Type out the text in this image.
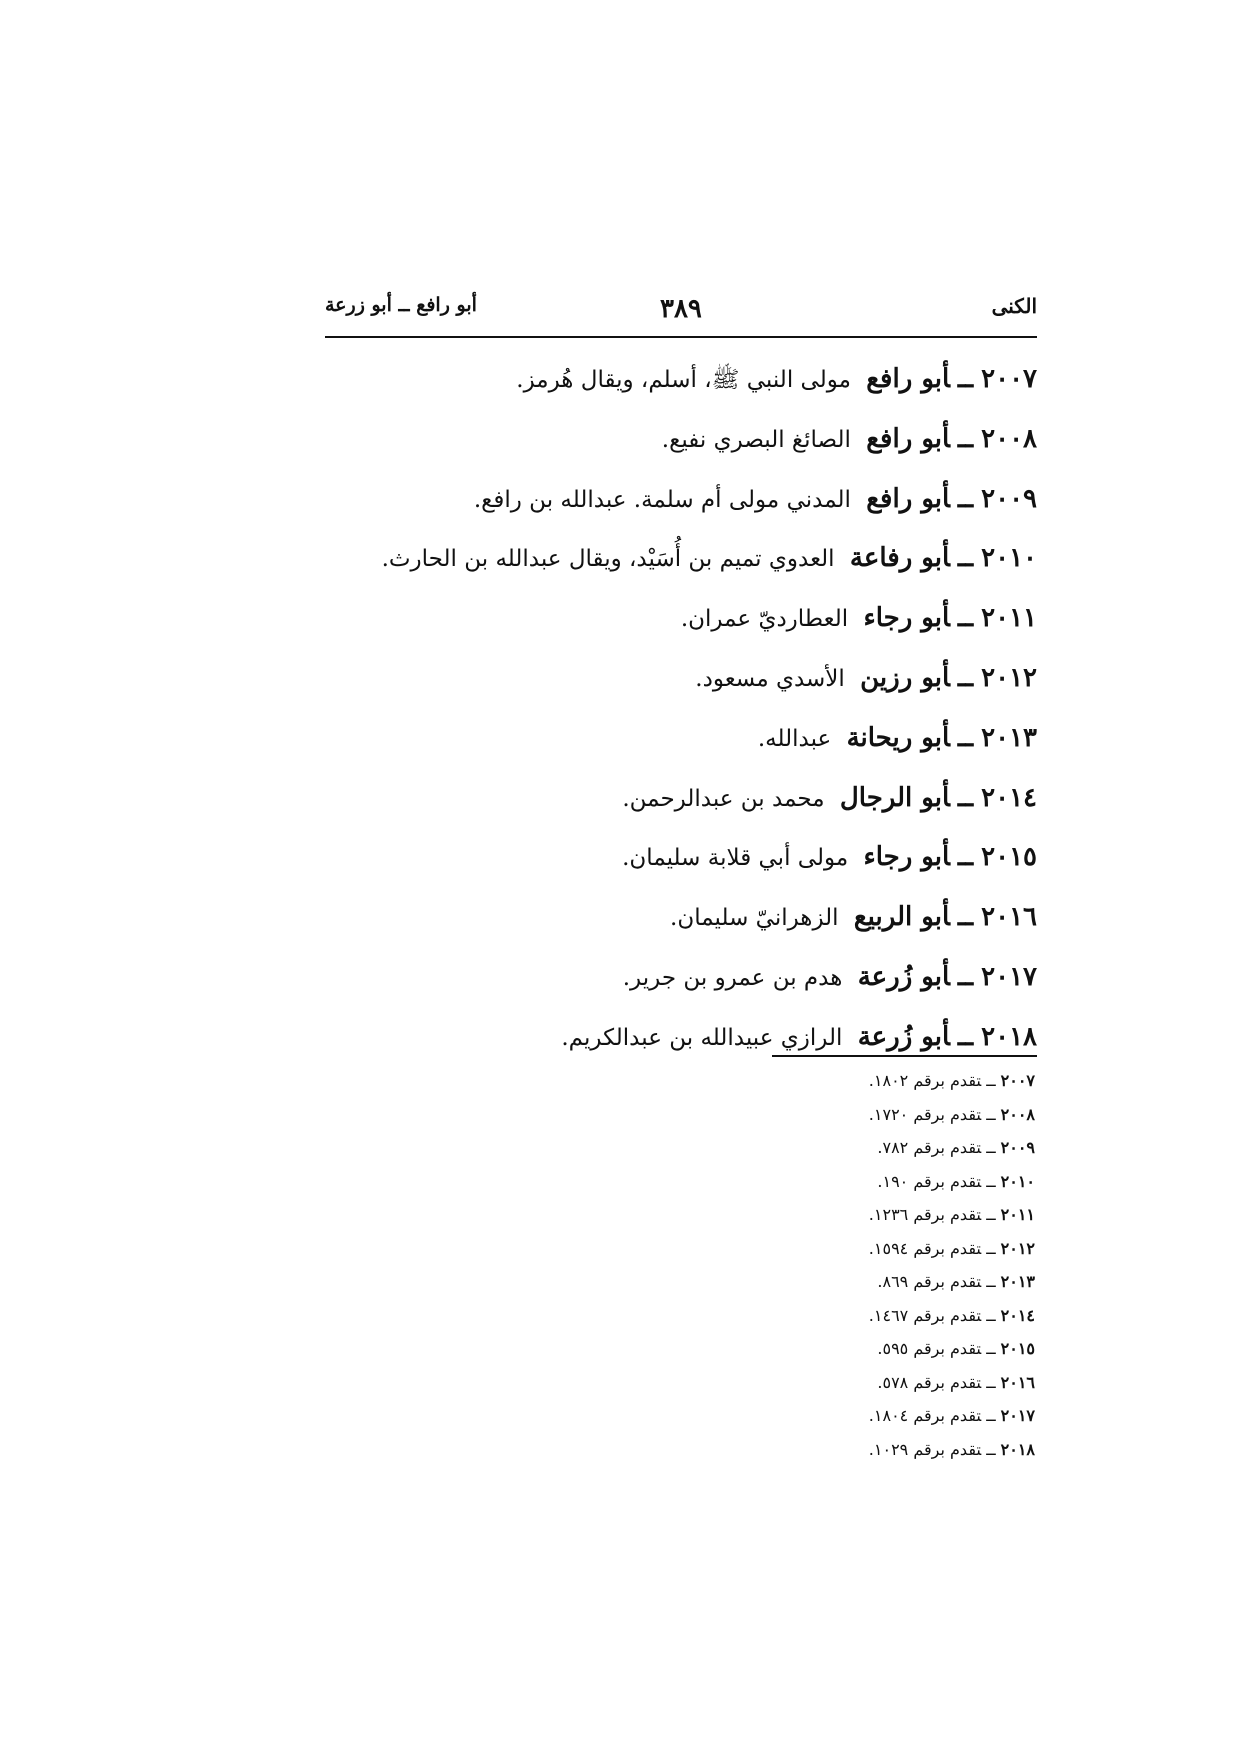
الكنى
٣٨٩
أبو رافع ــ أبو زرعة
٢٠٠٧ــأبو رافع مولى النبي ﷺ، أسلم، ويقال هُرمز.
٢٠٠٨ــأبو رافع الصائغ البصري نفيع.
٢٠٠٩ــأبو رافع المدني مولى أم سلمة. عبدالله بن رافع.
٢٠١٠ــأبو رفاعة العدوي تميم بن أُسَيْد، ويقال عبدالله بن الحارث.
٢٠١١ــأبو رجاء العطارديّ عمران.
٢٠١٢ــأبو رزين الأسدي مسعود.
٢٠١٣ــأبو ريحانة عبدالله.
٢٠١٤ــأبو الرجال محمد بن عبدالرحمن.
٢٠١٥ــأبو رجاء مولى أبي قلابة سليمان.
٢٠١٦ــأبو الربيع الزهرانيّ سليمان.
٢٠١٧ــأبو زُرعة هدم بن عمرو بن جرير.
٢٠١٨ــأبو زُرعة الرازي عبيدالله بن عبدالكريم.
٢٠٠٧ــتقدم برقم ١٨٠٢.
٢٠٠٨ــتقدم برقم ١٧٢٠.
٢٠٠٩ــتقدم برقم ٧٨٢.
٢٠١٠ــتقدم برقم ١٩٠.
٢٠١١ــتقدم برقم ١٢٣٦.
٢٠١٢ــتقدم برقم ١٥٩٤.
٢٠١٣ــتقدم برقم ٨٦٩.
٢٠١٤ــتقدم برقم ١٤٦٧.
٢٠١٥ــتقدم برقم ٥٩٥.
٢٠١٦ــتقدم برقم ٥٧٨.
٢٠١٧ــتقدم برقم ١٨٠٤.
٢٠١٨ــتقدم برقم ١٠٢٩.
